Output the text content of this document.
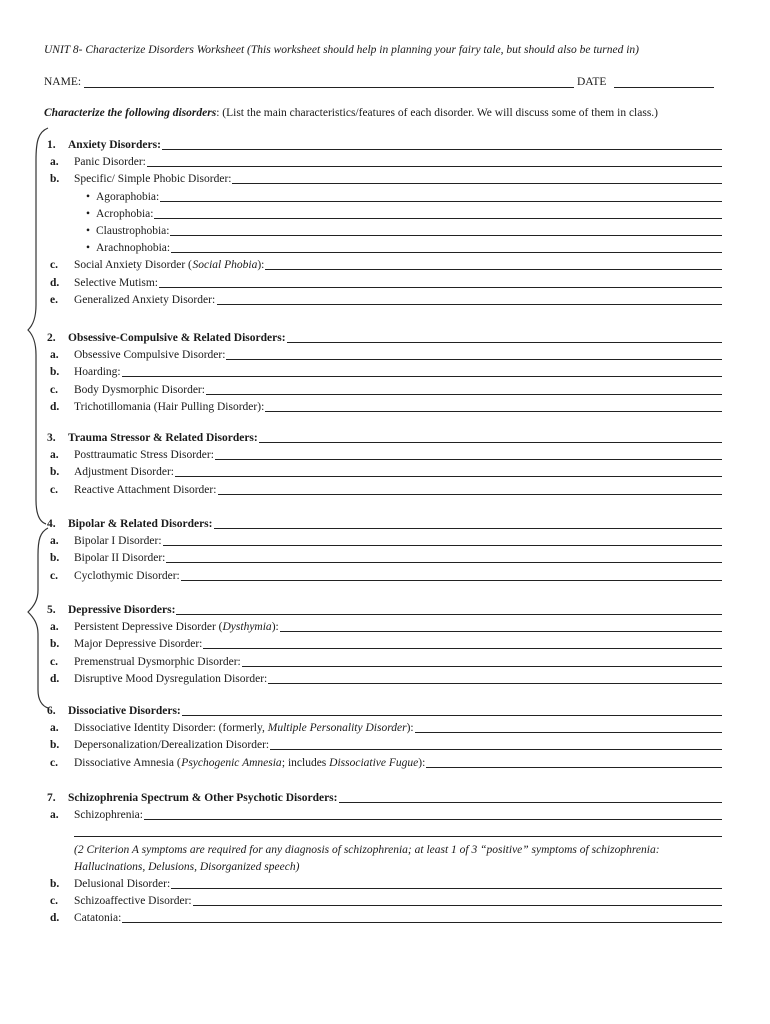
UNIT 8- Characterize Disorders Worksheet (This worksheet should help in planning your fairy tale, but should also be turned in)
NAME:	DATE
Characterize the following disorders: (List the main characteristics/features of each disorder. We will discuss some of them in class.)
1. Anxiety Disorders:
a. Panic Disorder:
b. Specific/ Simple Phobic Disorder:
• Agoraphobia:
• Acrophobia:
• Claustrophobia:
• Arachnophobia:
c. Social Anxiety Disorder ( Social Phobia ):
d. Selective Mutism:
e. Generalized Anxiety Disorder:
2. Obsessive-Compulsive & Related Disorders:
a. Obsessive Compulsive Disorder:
b. Hoarding:
c. Body Dysmorphic Disorder:
d. Trichotillomania (Hair Pulling Disorder):
3. Trauma Stressor & Related Disorders:
a. Posttraumatic Stress Disorder:
b. Adjustment Disorder:
c. Reactive Attachment Disorder:
4. Bipolar & Related Disorders:
a. Bipolar I Disorder:
b. Bipolar II Disorder:
c. Cyclothymic Disorder:
5. Depressive Disorders:
a. Persistent Depressive Disorder ( Dysthymia ):
b. Major Depressive Disorder:
c. Premenstrual Dysmorphic Disorder:
d. Disruptive Mood Dysregulation Disorder:
6. Dissociative Disorders:
a. Dissociative Identity Disorder: (formerly, Multiple Personality Disorder ):
b. Depersonalization/Derealization Disorder:
c. Dissociative Amnesia ( Psychogenic Amnesia ; includes Dissociative Fugue ):
7. Schizophrenia Spectrum & Other Psychotic Disorders:
a. Schizophrenia:
(2 Criterion A symptoms are required for any diagnosis of schizophrenia; at least 1 of 3 “positive” symptoms of schizophrenia:
Hallucinations, Delusions, Disorganized speech)
b. Delusional Disorder:
c. Schizoaffective Disorder:
d. Catatonia:
